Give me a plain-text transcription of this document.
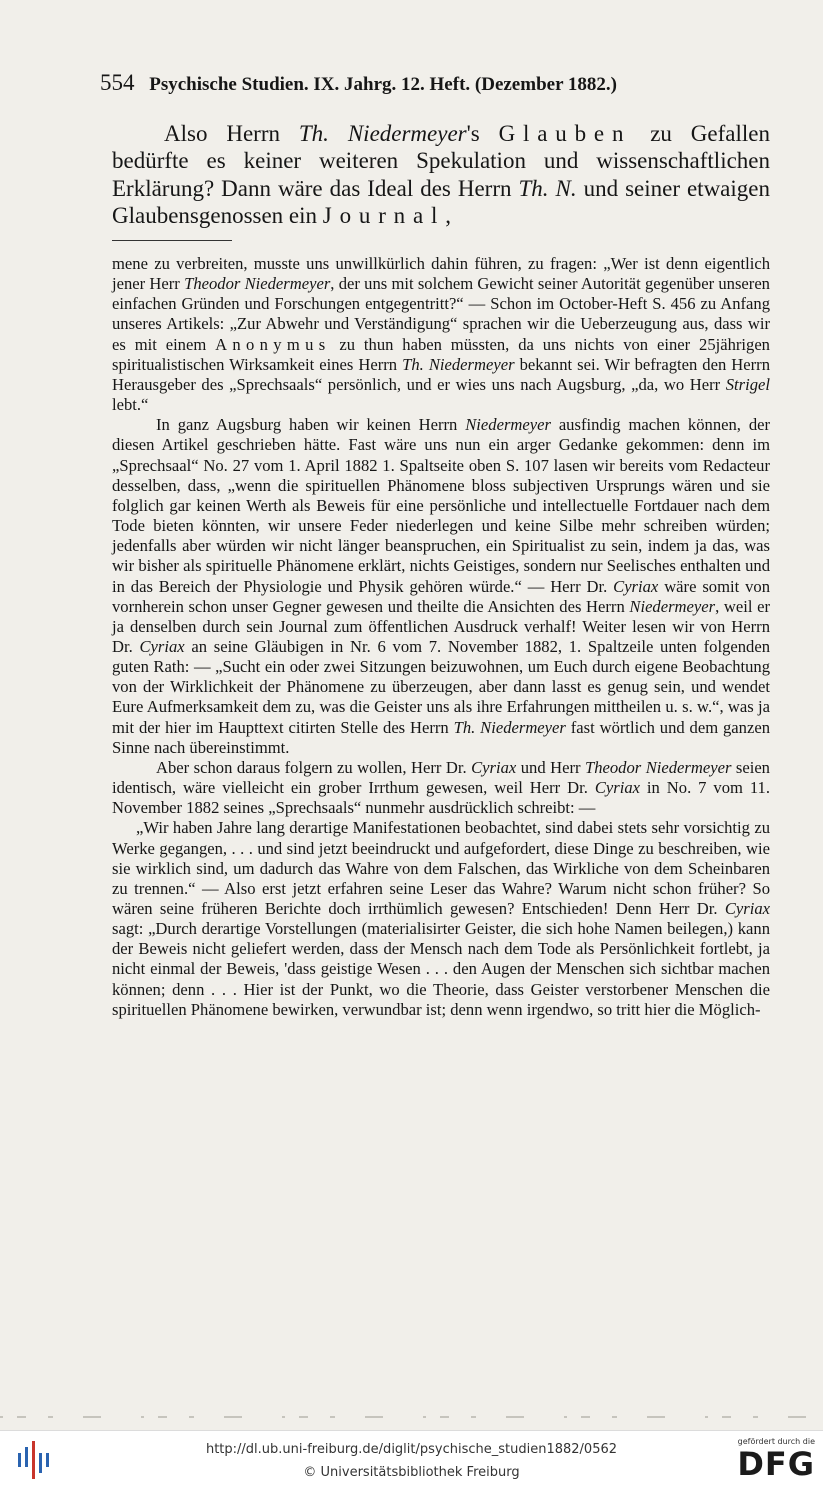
554 Psychische Studien. IX. Jahrg. 12. Heft. (Dezember 1882.)

Also Herrn Th. Niedermeyer's Glauben zu Gefallen bedürfte es keiner weiteren Spekulation und wissenschaftlichen Erklärung? Dann wäre das Ideal des Herrn Th. N. und seiner etwaigen Glaubensgenossen ein Journal,

mene zu verbreiten, musste uns unwillkürlich dahin führen, zu fragen: „Wer ist denn eigentlich jener Herr Theodor Niedermeyer, der uns mit solchem Gewicht seiner Autorität gegenüber unseren einfachen Gründen und Forschungen entgegentritt?“ — Schon im October-Heft S. 456 zu Anfang unseres Artikels: „Zur Abwehr und Verständigung“ sprachen wir die Ueberzeugung aus, dass wir es mit einem Anonymus zu thun haben müssten, da uns nichts von einer 25jährigen spiritualistischen Wirksamkeit eines Herrn Th. Niedermeyer bekannt sei. Wir befragten den Herrn Herausgeber des „Sprechsaals“ persönlich, und er wies uns nach Augsburg, „da, wo Herr Strigel lebt.“

In ganz Augsburg haben wir keinen Herrn Niedermeyer ausfindig machen können, der diesen Artikel geschrieben hätte. Fast wäre uns nun ein arger Gedanke gekommen: denn im „Sprechsaal“ No. 27 vom 1. April 1882 1. Spaltseite oben S. 107 lasen wir bereits vom Redacteur desselben, dass, „wenn die spirituellen Phänomene bloss subjectiven Ursprungs wären und sie folglich gar keinen Werth als Beweis für eine persönliche und intellectuelle Fortdauer nach dem Tode bieten könnten, wir unsere Feder niederlegen und keine Silbe mehr schreiben würden; jedenfalls aber würden wir nicht länger beanspruchen, ein Spiritualist zu sein, indem ja das, was wir bisher als spirituelle Phänomene erklärt, nichts Geistiges, sondern nur Seelisches enthalten und in das Bereich der Physiologie und Physik gehören würde.“ — Herr Dr. Cyriax wäre somit von vornherein schon unser Gegner gewesen und theilte die Ansichten des Herrn Niedermeyer, weil er ja denselben durch sein Journal zum öffentlichen Ausdruck verhalf! Weiter lesen wir von Herrn Dr. Cyriax an seine Gläubigen in Nr. 6 vom 7. November 1882, 1. Spaltzeile unten folgenden guten Rath: — „Sucht ein oder zwei Sitzungen beizuwohnen, um Euch durch eigene Beobachtung von der Wirklichkeit der Phänomene zu überzeugen, aber dann lasst es genug sein, und wendet Eure Aufmerksamkeit dem zu, was die Geister uns als ihre Erfahrungen mittheilen u. s. w.“, was ja mit der hier im Haupttext citirten Stelle des Herrn Th. Niedermeyer fast wörtlich und dem ganzen Sinne nach übereinstimmt.

Aber schon daraus folgern zu wollen, Herr Dr. Cyriax und Herr Theodor Niedermeyer seien identisch, wäre vielleicht ein grober Irrthum gewesen, weil Herr Dr. Cyriax in No. 7 vom 11. November 1882 seines „Sprechsaals“ nunmehr ausdrücklich schreibt: —

„Wir haben Jahre lang derartige Manifestationen beobachtet, sind dabei stets sehr vorsichtig zu Werke gegangen, . . . und sind jetzt beeindruckt und aufgefordert, diese Dinge zu beschreiben, wie sie wirklich sind, um dadurch das Wahre von dem Falschen, das Wirkliche von dem Scheinbaren zu trennen.“ — Also erst jetzt erfahren seine Leser das Wahre? Warum nicht schon früher? So wären seine früheren Berichte doch irrthümlich gewesen? Entschieden! Denn Herr Dr. Cyriax sagt: „Durch derartige Vorstellungen (materialisirter Geister, die sich hohe Namen beilegen,) kann der Beweis nicht geliefert werden, dass der Mensch nach dem Tode als Persönlichkeit fortlebt, ja nicht einmal der Beweis, 'dass geistige Wesen . . . den Augen der Menschen sich sichtbar machen können; denn . . . Hier ist der Punkt, wo die Theorie, dass Geister verstorbener Menschen die spirituellen Phänomene bewirken, verwundbar ist; denn wenn irgendwo, so tritt hier die Möglich-

http://dl.ub.uni-freiburg.de/diglit/psychische_studien1882/0562
© Universitätsbibliothek Freiburg
gefördert durch die
DFG
